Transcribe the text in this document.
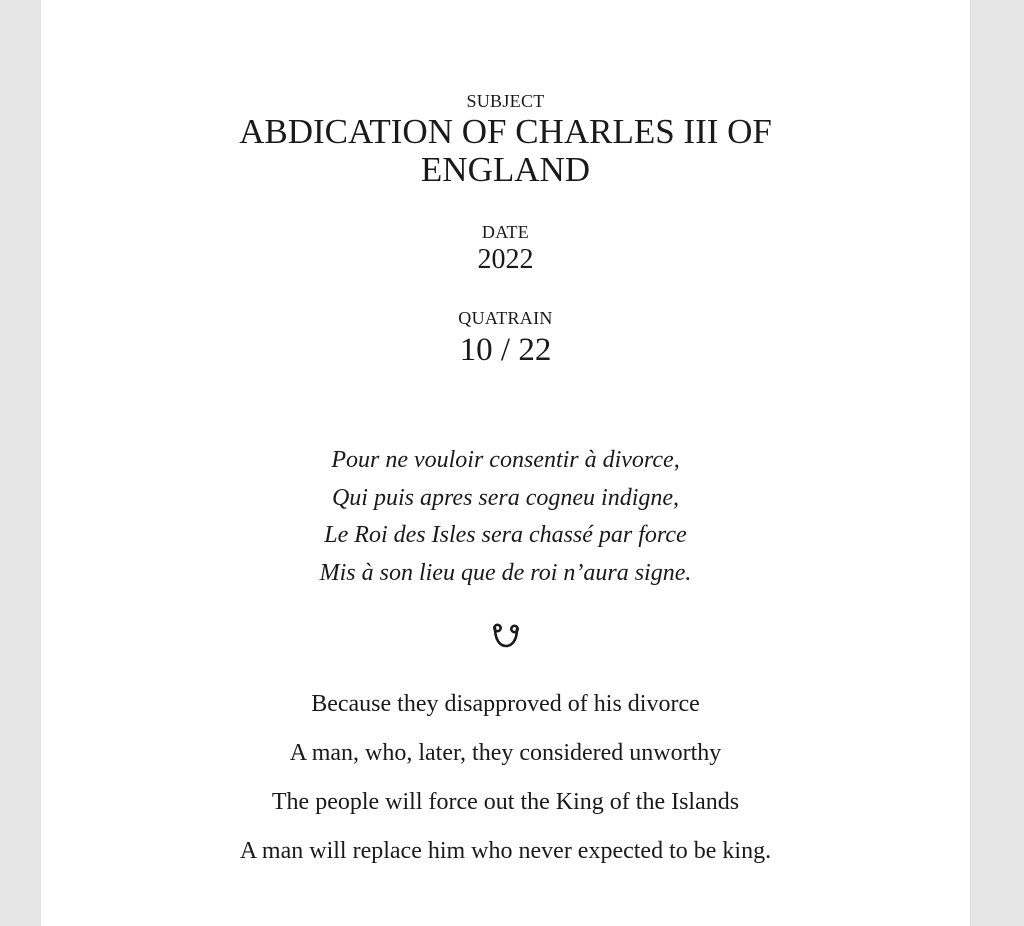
SUBJECT
ABDICATION OF CHARLES III OF ENGLAND
DATE
2022
QUATRAIN
10 / 22
Pour ne vouloir consentir à divorce,
Qui puis apres sera cogneu indigne,
Le Roi des Isles sera chassé par force
Mis à son lieu que de roi n’aura signe.
Because they disapproved of his divorce
A man, who, later, they considered unworthy
The people will force out the King of the Islands
A man will replace him who never expected to be king.
